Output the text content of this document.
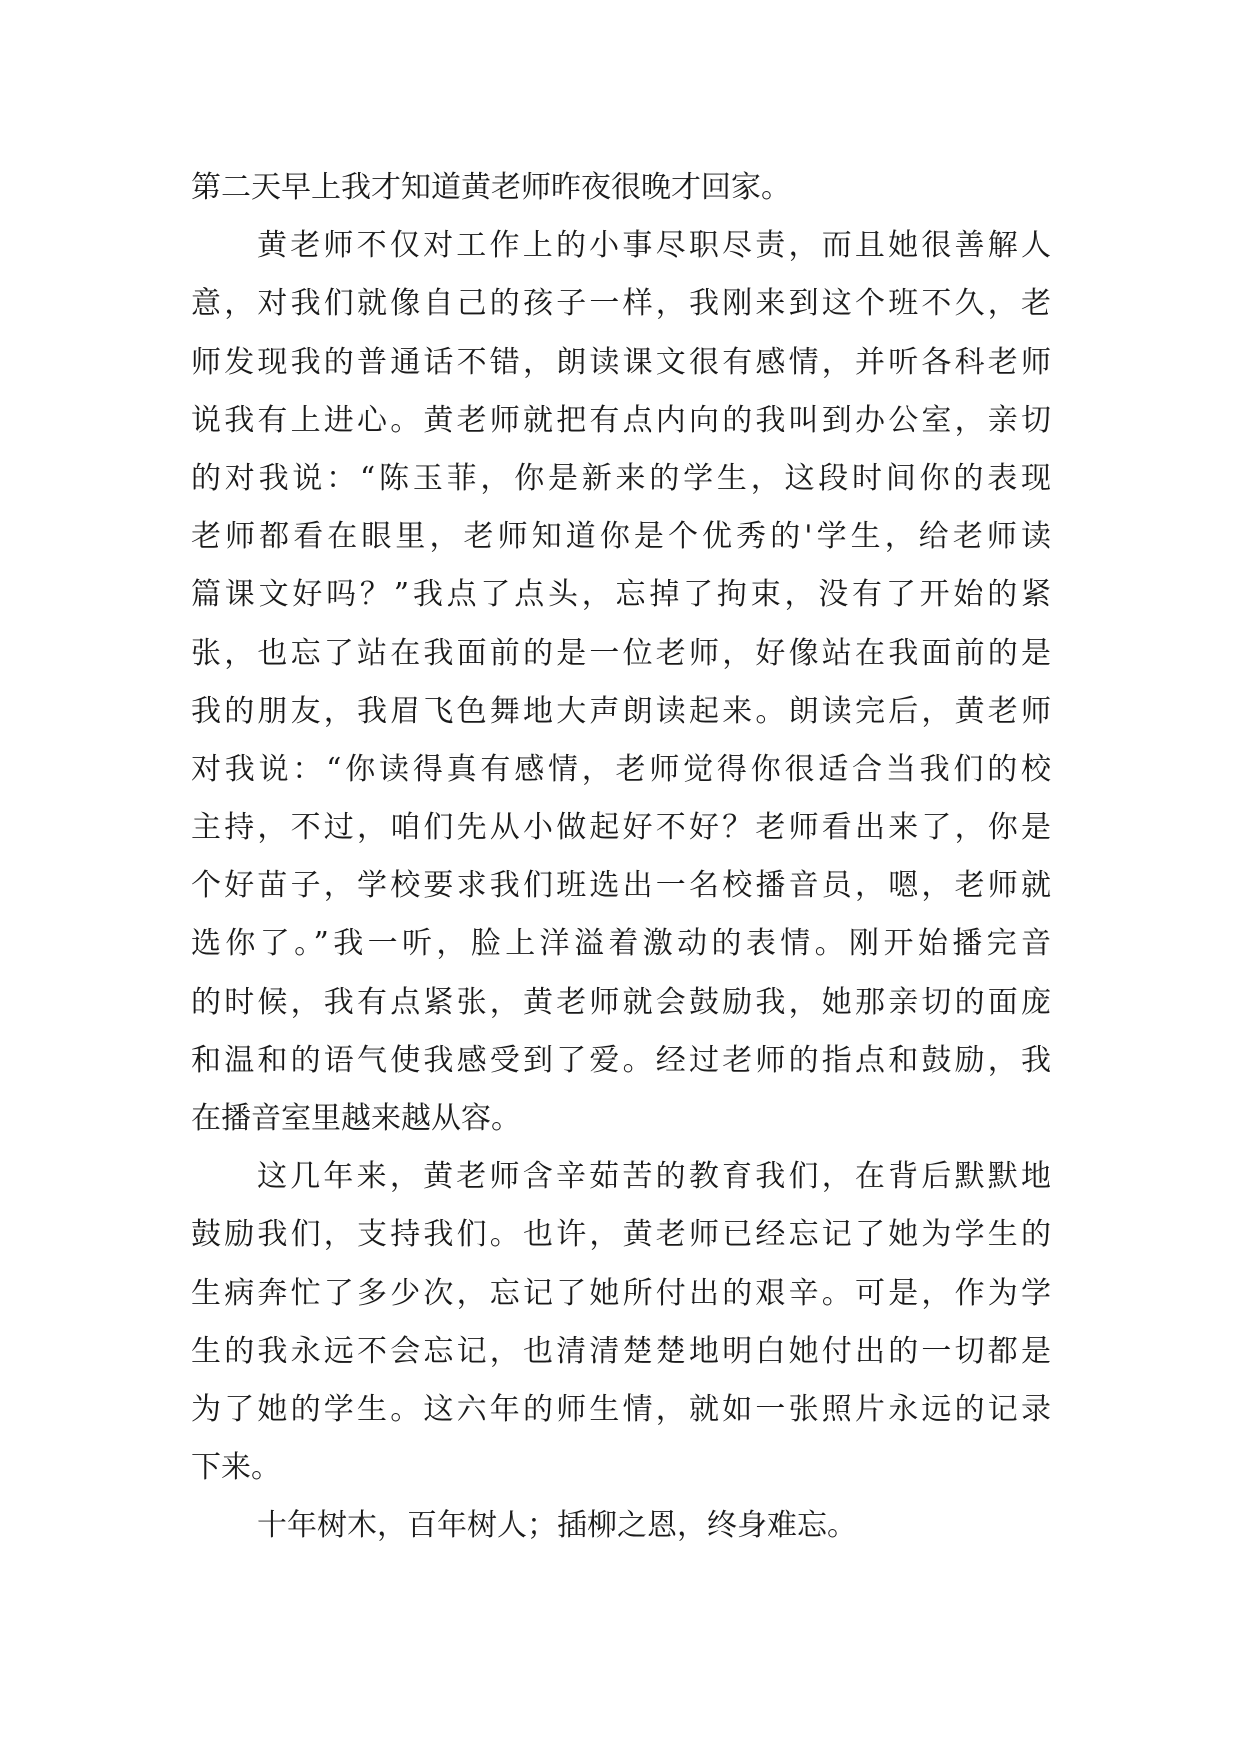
第二天早上我才知道黄老师昨夜很晚才回家。
黄老师不仅对工作上的小事尽职尽责，而且她很善解人
意，对我们就像自己的孩子一样，我刚来到这个班不久，老
师发现我的普通话不错，朗读课文很有感情，并听各科老师
说我有上进心。黄老师就把有点内向的我叫到办公室，亲切
的对我说：“陈玉菲，你是新来的学生，这段时间你的表现
老师都看在眼里，老师知道你是个优秀的'学生，给老师读
篇课文好吗？”我点了点头，忘掉了拘束，没有了开始的紧
张，也忘了站在我面前的是一位老师，好像站在我面前的是
我的朋友，我眉飞色舞地大声朗读起来。朗读完后，黄老师
对我说：“你读得真有感情，老师觉得你很适合当我们的校
主持，不过，咱们先从小做起好不好？老师看出来了，你是
个好苗子，学校要求我们班选出一名校播音员，嗯，老师就
选你了。”我一听，脸上洋溢着激动的表情。刚开始播完音
的时候，我有点紧张，黄老师就会鼓励我，她那亲切的面庞
和温和的语气使我感受到了爱。经过老师的指点和鼓励，我
在播音室里越来越从容。
这几年来，黄老师含辛茹苦的教育我们，在背后默默地
鼓励我们，支持我们。也许，黄老师已经忘记了她为学生的
生病奔忙了多少次，忘记了她所付出的艰辛。可是，作为学
生的我永远不会忘记，也清清楚楚地明白她付出的一切都是
为了她的学生。这六年的师生情，就如一张照片永远的记录
下来。
十年树木，百年树人；插柳之恩，终身难忘。
